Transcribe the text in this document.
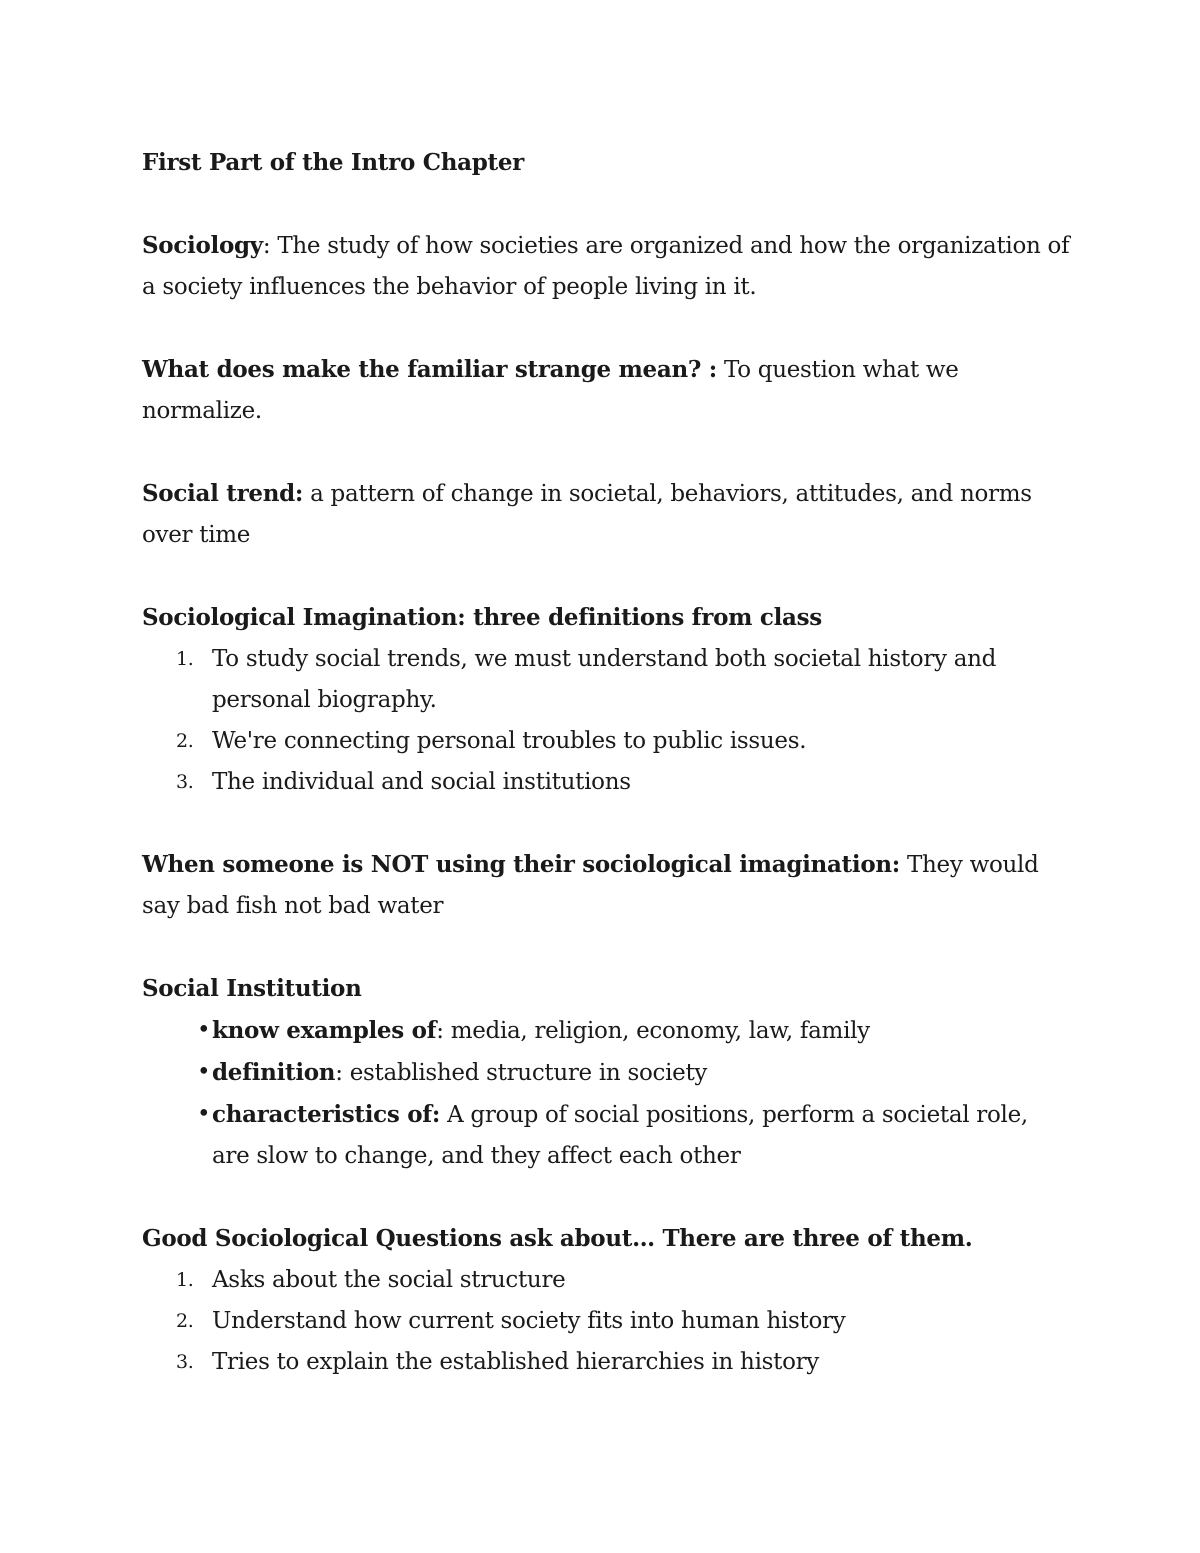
First Part of the Intro Chapter

Sociology: The study of how societies are organized and how the organization of a society influences the behavior of people living in it.

What does make the familiar strange mean? : To question what we normalize.

Social trend: a pattern of change in societal, behaviors, attitudes, and norms over time

Sociological Imagination: three definitions from class

1. To study social trends, we must understand both societal history and personal biography.
2. We're connecting personal troubles to public issues.
3. The individual and social institutions

When someone is NOT using their sociological imagination: They would say bad fish not bad water

Social Institution

• know examples of: media, religion, economy, law, family
• definition: established structure in society
• characteristics of: A group of social positions, perform a societal role, are slow to change, and they affect each other

Good Sociological Questions ask about… There are three of them.

1. Asks about the social structure
2. Understand how current society fits into human history
3. Tries to explain the established hierarchies in history
